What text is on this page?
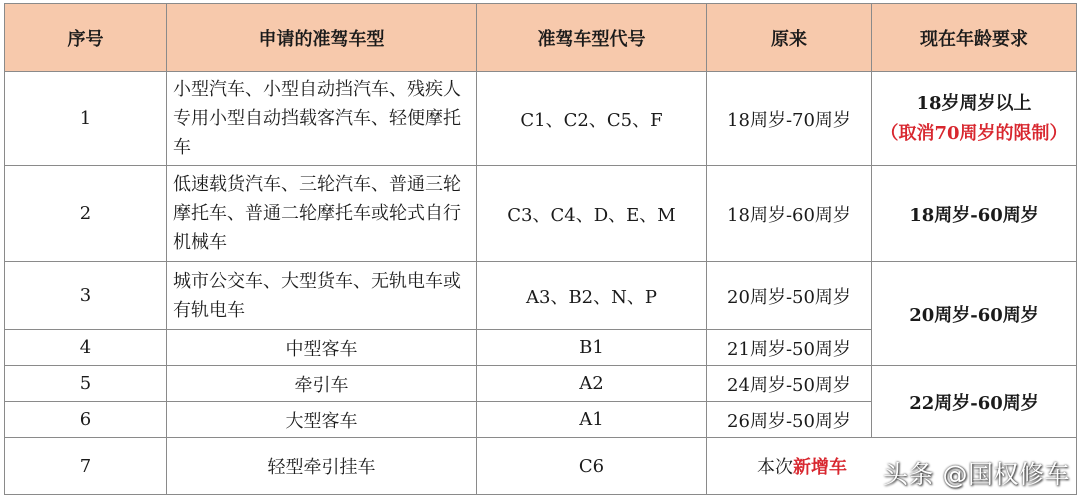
序号	申请的准驾车型	准驾车型代号	原来	现在年龄要求
1	小型汽车、小型自动挡汽车、残疾人专用小型自动挡载客汽车、轻便摩托车	C1、C2、C5、F	18周岁-70周岁	18岁周岁以上
（取消70周岁的限制）

2	低速载货汽车、三轮汽车、普通三轮摩托车、普通二轮摩托车或轮式自行机械车	C3、C4、D、E、M	18周岁-60周岁	18周岁-60周岁
3	城市公交车、大型货车、无轨电车或有轨电车	A3、B2、N、P	20周岁-50周岁	20周岁-60周岁
4	中型客车	B1	21周岁-50周岁	
5	牵引车	A2	24周岁-50周岁	22周岁-60周岁
6	大型客车	A1	26周岁-50周岁	
7	轻型牵引挂车	C6	本次新增车	头条 @国权修车
